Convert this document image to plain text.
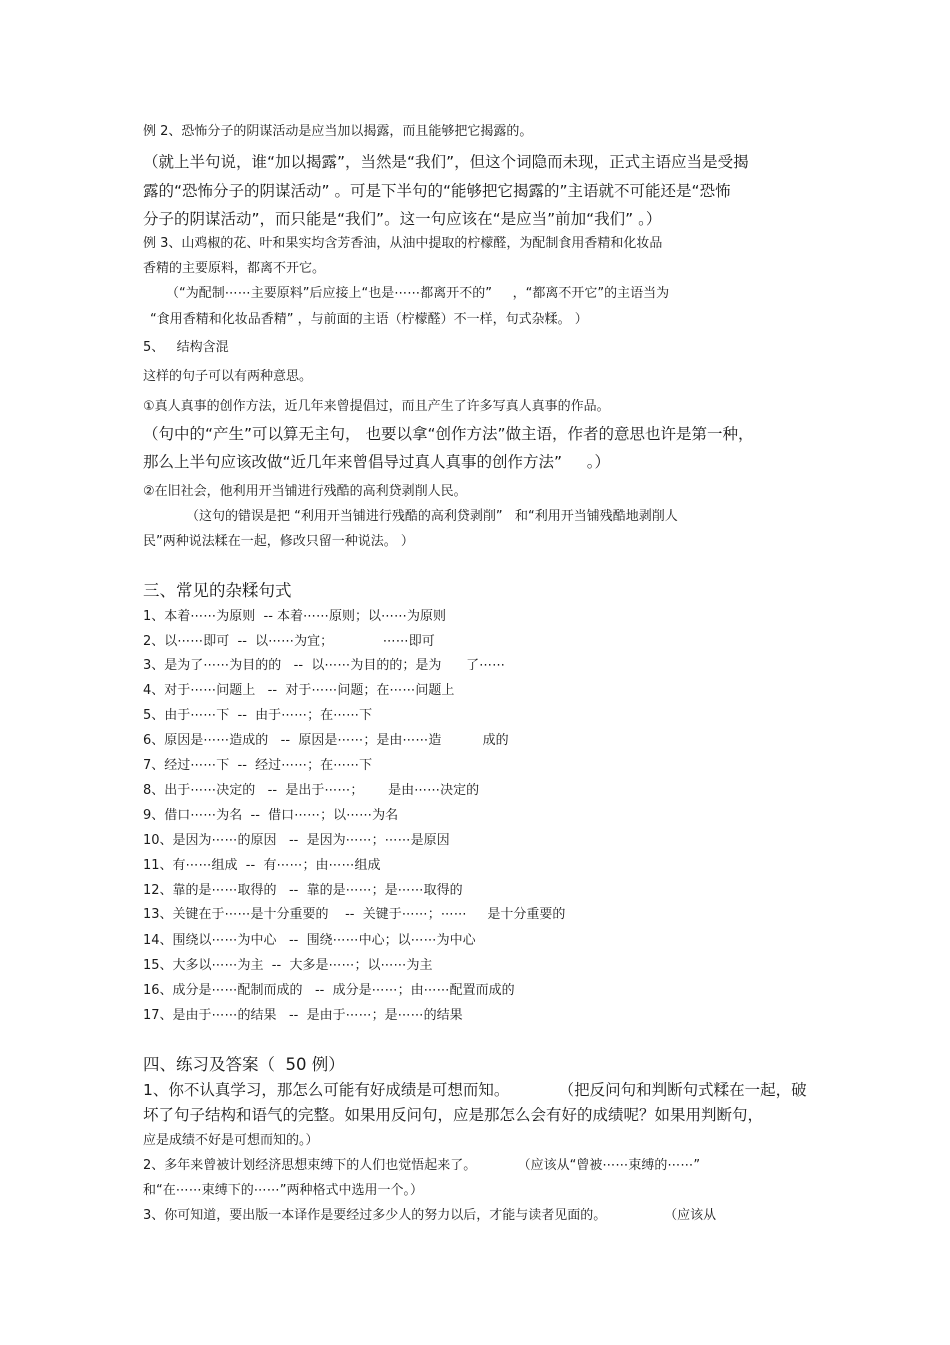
例 2、恐怖分子的阴谋活动是应当加以揭露，而且能够把它揭露的。
（就上半句说，谁“加以揭露”，当然是“我们”，但这个词隐而未现，正式主语应当是受揭
露的“恐怖分子的阴谋活动” 。可是下半句的“能够把它揭露的”主语就不可能还是“恐怖
分子的阴谋活动”，而只能是“我们”。这一句应该在“是应当”前加“我们” 。）
例 3、山鸡椒的花、叶和果实均含芳香油，从油中提取的柠檬醛，为配制食用香精和化妆品
香精的主要原料，都离不开它。
（“为配制⋯⋯主要原料”后应接上“也是⋯⋯都离开不的”     ，“都离不开它”的主语当为
“食用香精和化妆品香精” ，与前面的主语（柠檬醛）不一样，句式杂糅。 ）
5、   结构含混
这样的句子可以有两种意思。
①真人真事的创作方法，近几年来曾提倡过，而且产生了许多写真人真事的作品。
（句中的“产生”可以算无主句， 也要以拿“创作方法”做主语，作者的意思也许是第一种，
那么上半句应该改做“近几年来曾倡导过真人真事的创作方法”     。）
②在旧社会，他利用开当铺进行残酷的高利贷剥削人民。
（这句的错误是把 “利用开当铺进行残酷的高利贷剥削”   和“利用开当铺残酷地剥削人
民”两种说法糅在一起，修改只留一种说法。 ）
三、常见的杂糅句式
1、本着⋯⋯为原则  -- 本着⋯⋯原则；以⋯⋯为原则
2、以⋯⋯即可  --  以⋯⋯为宜；            ⋯⋯即可
3、是为了⋯⋯为目的的   --  以⋯⋯为目的的；是为      了⋯⋯
4、对于⋯⋯问题上   --  对于⋯⋯问题；在⋯⋯问题上
5、由于⋯⋯下  --  由于⋯⋯；在⋯⋯下
6、原因是⋯⋯造成的   --  原因是⋯⋯；是由⋯⋯造          成的
7、经过⋯⋯下  --  经过⋯⋯；在⋯⋯下
8、出于⋯⋯决定的   --  是出于⋯⋯；      是由⋯⋯决定的
9、借口⋯⋯为名  --  借口⋯⋯；以⋯⋯为名
10、是因为⋯⋯的原因   --  是因为⋯⋯；⋯⋯是原因
11、有⋯⋯组成  --  有⋯⋯；由⋯⋯组成
12、靠的是⋯⋯取得的   --  靠的是⋯⋯；是⋯⋯取得的
13、关键在于⋯⋯是十分重要的    --  关键于⋯⋯；⋯⋯     是十分重要的
14、围绕以⋯⋯为中心   --  围绕⋯⋯中心；以⋯⋯为中心
15、大多以⋯⋯为主  --  大多是⋯⋯；以⋯⋯为主
16、成分是⋯⋯配制而成的   --  成分是⋯⋯；由⋯⋯配置而成的
17、是由于⋯⋯的结果   --  是由于⋯⋯；是⋯⋯的结果
四、练习及答案（  50 例）
1、你不认真学习，那怎么可能有好成绩是可想而知。          （把反问句和判断句式糅在一起，破
坏了句子结构和语气的完整。如果用反问句，应是那怎么会有好的成绩呢？如果用判断句，
应是成绩不好是可想而知的。）
2、多年来曾被计划经济思想束缚下的人们也觉悟起来了。          （应该从“曾被⋯⋯束缚的⋯⋯”
和“在⋯⋯束缚下的⋯⋯”两种格式中选用一个。）
3、你可知道，要出版一本译作是要经过多少人的努力以后，才能与读者见面的。              （应该从
